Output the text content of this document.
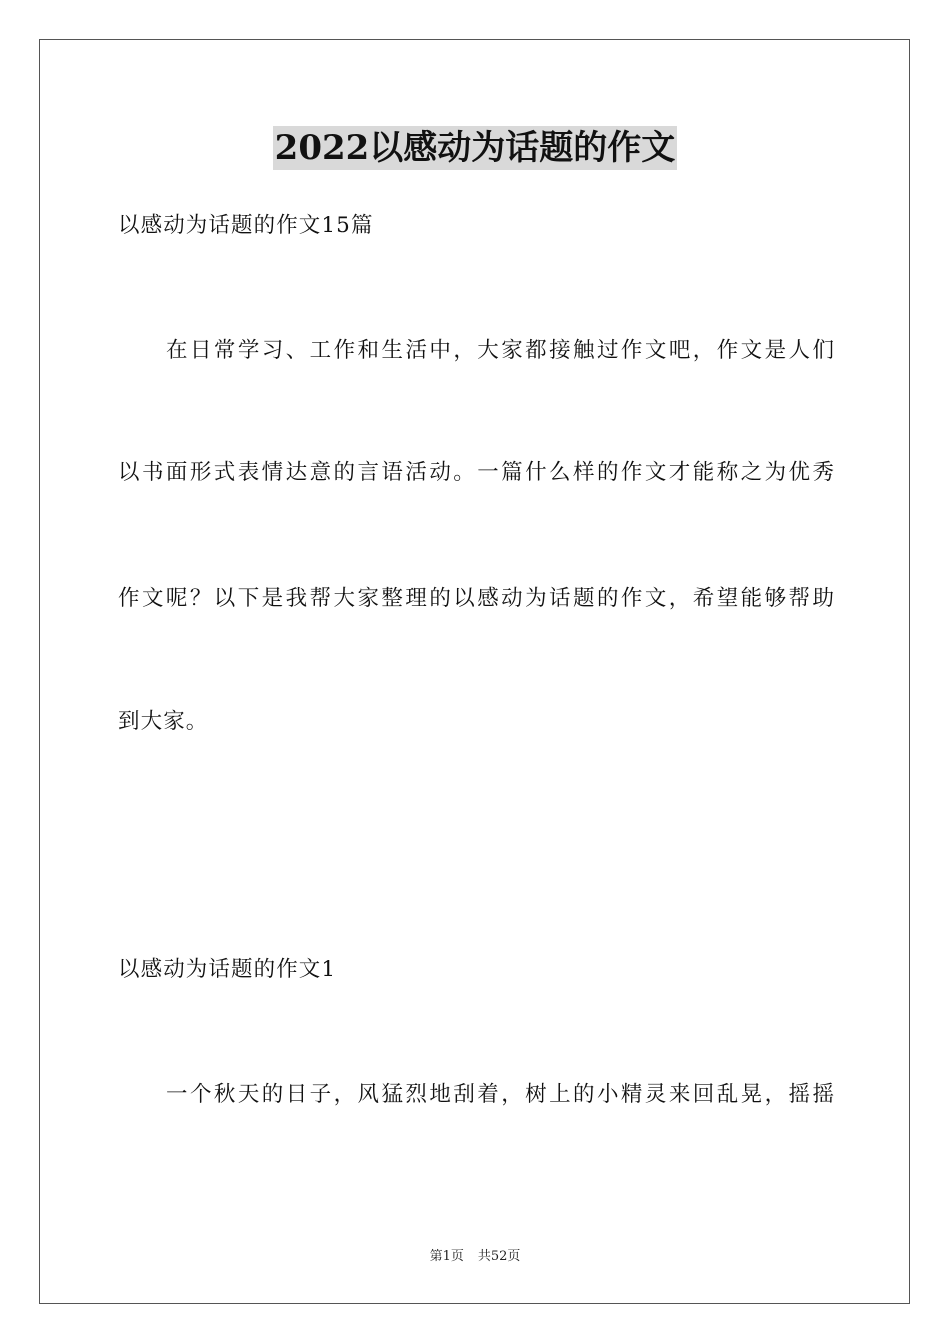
2022以感动为话题的作文
以感动为话题的作文15篇
在日常学习、工作和生活中，大家都接触过作文吧，作文是人们
以书面形式表情达意的言语活动。一篇什么样的作文才能称之为优秀
作文呢？以下是我帮大家整理的以感动为话题的作文，希望能够帮助
到大家。
以感动为话题的作文1
一个秋天的日子，风猛烈地刮着，树上的小精灵来回乱晃，摇摇
第1页 共52页
